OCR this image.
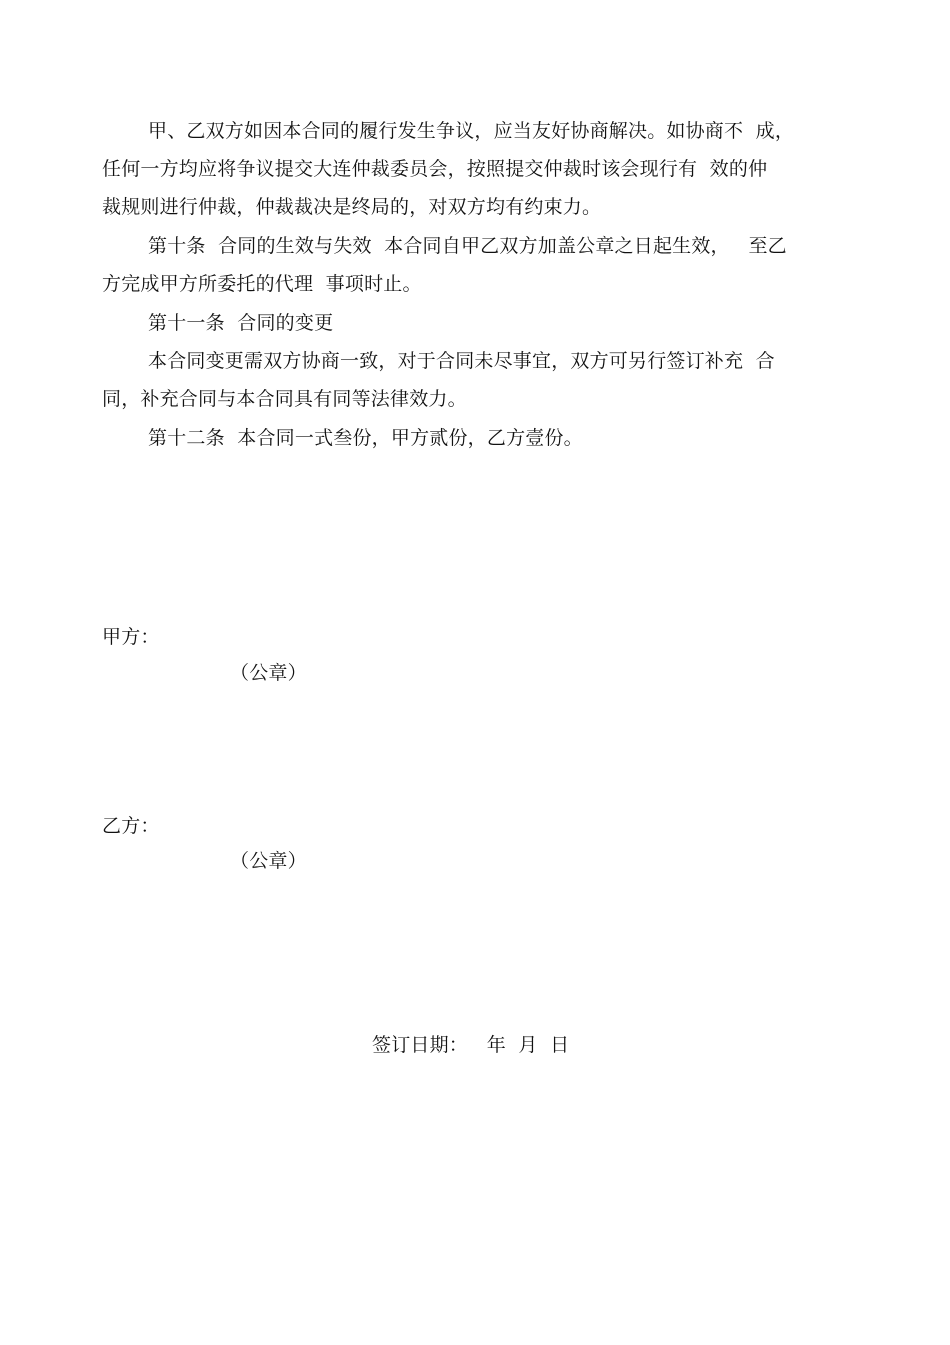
甲、乙双方如因本合同的履行发生争议，应当友好协商解决。如协商不  成，
任何一方均应将争议提交大连仲裁委员会，按照提交仲裁时该会现行有  效的仲
裁规则进行仲裁，仲裁裁决是终局的，对双方均有约束力。
第十条  合同的生效与失效  本合同自甲乙双方加盖公章之日起生效，   至乙
方完成甲方所委托的代理  事项时止。
第十一条  合同的变更
本合同变更需双方协商一致，对于合同未尽事宜，双方可另行签订补充  合
同，补充合同与本合同具有同等法律效力。
第十二条  本合同一式叁份，甲方贰份，乙方壹份。
甲方：
（公章）
乙方：
（公章）
签订日期：   年  月  日
